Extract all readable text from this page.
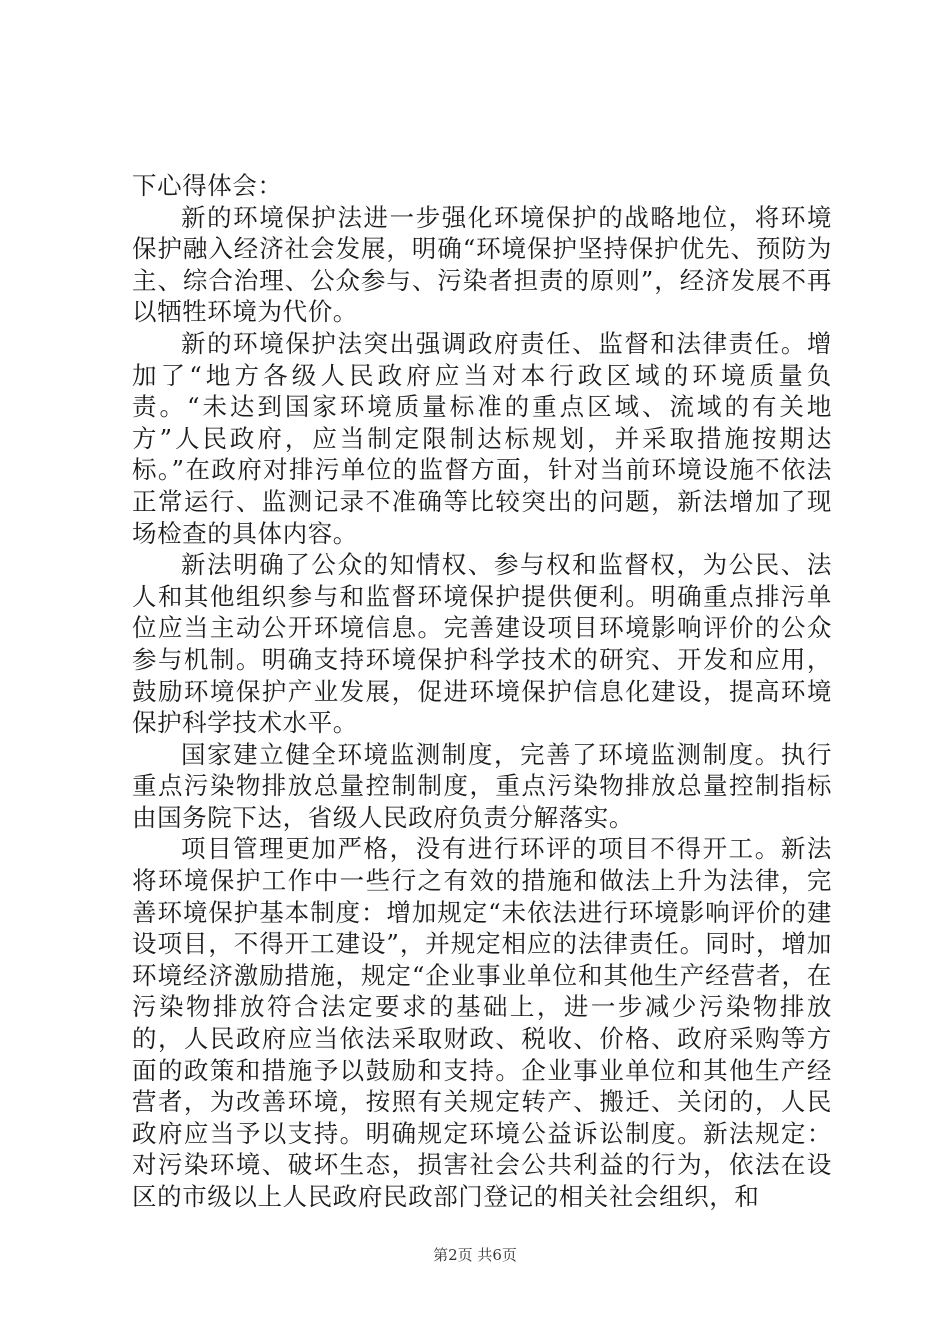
下心得体会：

新的环境保护法进一步强化环境保护的战略地位，将环境保护融入经济社会发展，明确“环境保护坚持保护优先、预防为主、综合治理、公众参与、污染者担责的原则”，经济发展不再以牺牲环境为代价。

新的环境保护法突出强调政府责任、监督和法律责任。增加了“地方各级人民政府应当对本行政区域的环境质量负责。“未达到国家环境质量标准的重点区域、流域的有关地方”人民政府，应当制定限制达标规划，并采取措施按期达标。”在政府对排污单位的监督方面，针对当前环境设施不依法正常运行、监测记录不准确等比较突出的问题，新法增加了现场检查的具体内容。

新法明确了公众的知情权、参与权和监督权，为公民、法人和其他组织参与和监督环境保护提供便利。明确重点排污单位应当主动公开环境信息。完善建设项目环境影响评价的公众参与机制。明确支持环境保护科学技术的研究、开发和应用，鼓励环境保护产业发展，促进环境保护信息化建设，提高环境保护科学技术水平。

国家建立健全环境监测制度，完善了环境监测制度。执行重点污染物排放总量控制制度，重点污染物排放总量控制指标由国务院下达，省级人民政府负责分解落实。

项目管理更加严格，没有进行环评的项目不得开工。新法将环境保护工作中一些行之有效的措施和做法上升为法律，完善环境保护基本制度：增加规定“未依法进行环境影响评价的建设项目，不得开工建设”，并规定相应的法律责任。同时，增加环境经济激励措施，规定“企业事业单位和其他生产经营者，在污染物排放符合法定要求的基础上，进一步减少污染物排放的，人民政府应当依法采取财政、税收、价格、政府采购等方面的政策和措施予以鼓励和支持。企业事业单位和其他生产经营者，为改善环境，按照有关规定转产、搬迁、关闭的，人民政府应当予以支持。明确规定环境公益诉讼制度。新法规定：对污染环境、破坏生态，损害社会公共利益的行为，依法在设区的市级以上人民政府民政部门登记的相关社会组织，和

第2页 共6页
